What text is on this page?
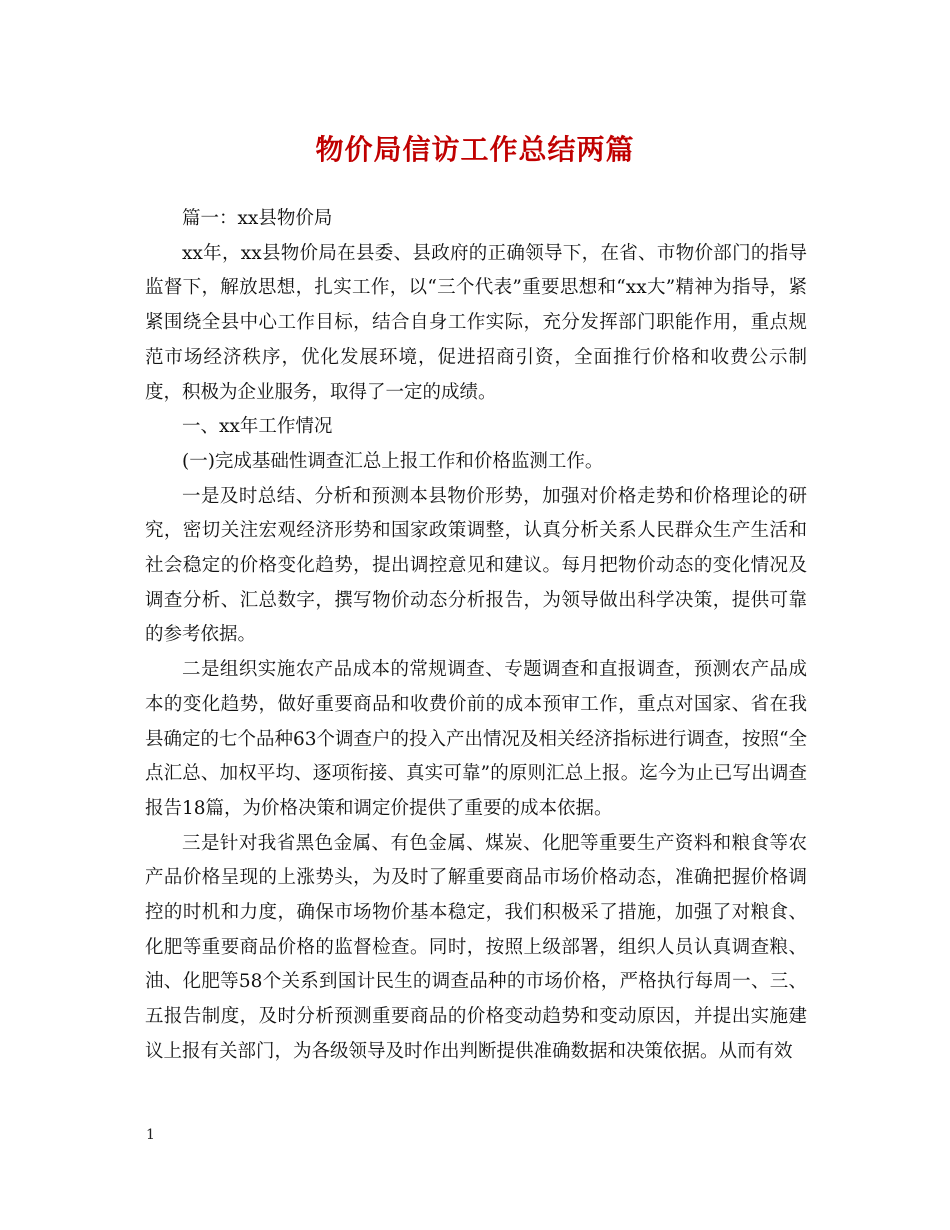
物价局信访工作总结两篇

篇一：xx县物价局

xx年，xx县物价局在县委、县政府的正确领导下，在省、市物价部门的指导监督下，解放思想，扎实工作，以“三个代表”重要思想和“xx大”精神为指导，紧紧围绕全县中心工作目标，结合自身工作实际，充分发挥部门职能作用，重点规范市场经济秩序，优化发展环境，促进招商引资，全面推行价格和收费公示制度，积极为企业服务，取得了一定的成绩。

一、xx年工作情况

(一)完成基础性调查汇总上报工作和价格监测工作。

一是及时总结、分析和预测本县物价形势，加强对价格走势和价格理论的研究，密切关注宏观经济形势和国家政策调整，认真分析关系人民群众生产生活和社会稳定的价格变化趋势，提出调控意见和建议。每月把物价动态的变化情况及调查分析、汇总数字，撰写物价动态分析报告，为领导做出科学决策，提供可靠的参考依据。

二是组织实施农产品成本的常规调查、专题调查和直报调查，预测农产品成本的变化趋势，做好重要商品和收费价前的成本预审工作，重点对国家、省在我县确定的七个品种63个调查户的投入产出情况及相关经济指标进行调查，按照“全点汇总、加权平均、逐项衔接、真实可靠”的原则汇总上报。迄今为止已写出调查报告18篇，为价格决策和调定价提供了重要的成本依据。

三是针对我省黑色金属、有色金属、煤炭、化肥等重要生产资料和粮食等农产品价格呈现的上涨势头，为及时了解重要商品市场价格动态，准确把握价格调控的时机和力度，确保市场物价基本稳定，我们积极采了措施，加强了对粮食、化肥等重要商品价格的监督检查。同时，按照上级部署，组织人员认真调查粮、油、化肥等58个关系到国计民生的调查品种的市场价格，严格执行每周一、三、五报告制度，及时分析预测重要商品的价格变动趋势和变动原因，并提出实施建议上报有关部门，为各级领导及时作出判断提供准确数据和决策依据。从而有效

1
